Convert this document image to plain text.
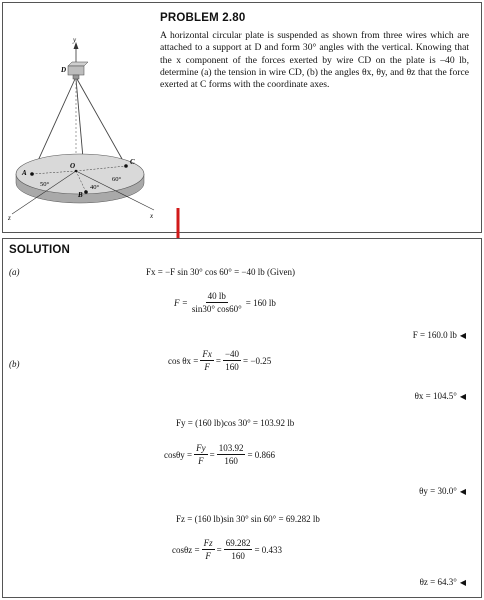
y
D
A
O	C
B
z	x
50°	40°
60°
PROBLEM 2.80
A horizontal circular plate is suspended as shown from three wires which are attached to a support at D and form 30° angles with the vertical. Knowing that the x component of the forces exerted by wire CD on the plate is –40 lb, determine (a) the tension in wire CD, (b) the angles θx, θy, and θz that the force exerted at C forms with the coordinate axes.
SOLUTION
(a)	Fx = −F sin 30° cos 60° = −40 lb (Given)
$F = \frac{40 lb}{\sin 30^\circ \cos 60^\circ} = 160$ lb
F = 160.0 lb ◀
(b)	$\cos \theta x = \frac{Fx}{F} = \frac{-40}{160} = -0.25$
θx = 104.5° ◀
Fy = (160 lb)cos 30° = 103.92 lb
$\cos\theta y = \frac{Fy}{F} = \frac{103.92}{160} = 0.866$
θy = 30.0° ◀
Fz = (160 lb)sin 30° sin 60° = 69.282 lb
$\cos\theta z = \frac{Fz}{F} = \frac{69.282}{160} = 0.433$
θz = 64.3° ◀
